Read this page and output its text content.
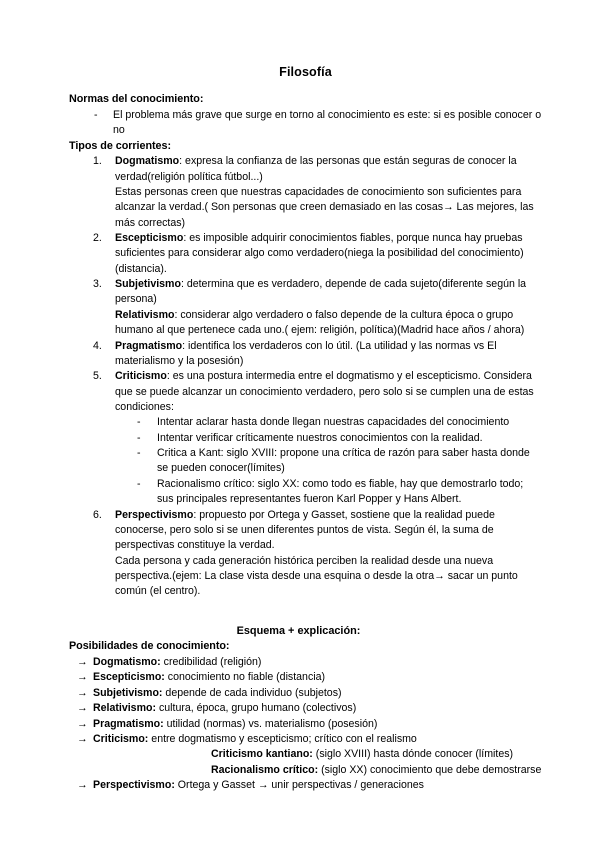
Filosofía
Normas del conocimiento:
- El problema más grave que surge en torno al conocimiento es este: si es posible conocer o no
Tipos de corrientes:

Dogmatismo: expresa la confianza de las personas que están seguras de conocer la verdad(religión política fútbol...)

Estas personas creen que nuestras capacidades de conocimiento son suficientes para alcanzar la verdad.( Son personas que creen demasiado en las cosas→ Las mejores, las más correctas)

Escepticismo: es imposible adquirir conocimientos fiables, porque nunca hay pruebas suficientes para considerar algo como verdadero(niega la posibilidad del conocimiento)(distancia).

Subjetivismo: determina que es verdadero, depende de cada sujeto(diferente según la persona)

Relativismo: considerar algo verdadero o falso depende de la cultura época o grupo humano al que pertenece cada uno.( ejem: religión, política)(Madrid hace años / ahora)

Pragmatismo: identifica los verdaderos con lo útil. (La utilidad y las normas vs El materialismo y la posesión)

Criticismo: es una postura intermedia entre el dogmatismo y el escepticismo. Considera que se puede alcanzar un conocimiento verdadero, pero solo si se cumplen una de estas condiciones:

- Intentar aclarar hasta donde llegan nuestras capacidades del conocimiento
- Intentar verificar críticamente nuestros conocimientos con la realidad.
- Critica a Kant: siglo XVIII: propone una crítica de razón para saber hasta donde se pueden conocer(límites)
- Racionalismo crítico: siglo XX: como todo es fiable, hay que demostrarlo todo; sus principales representantes fueron Karl Popper y Hans Albert.

Perspectivismo: propuesto por Ortega y Gasset, sostiene que la realidad puede conocerse, pero solo si se unen diferentes puntos de vista. Según él, la suma de perspectivas constituye la verdad.

Cada persona y cada generación histórica perciben la realidad desde una nueva perspectiva.(ejem: La clase vista desde una esquina o desde la otra→ sacar un punto común (el centro).

Esquema + explicación:
Posibilidades de conocimiento:
→ Dogmatismo: credibilidad (religión)
→ Escepticismo: conocimiento no fiable (distancia)
→ Subjetivismo: depende de cada individuo (subjetos)
→ Relativismo: cultura, época, grupo humano (colectivos)
→ Pragmatismo: utilidad (normas) vs. materialismo (posesión)
→ Criticismo: entre dogmatismo y escepticismo; crítico con el realismo
Criticismo kantiano: (siglo XVIII) hasta dónde conocer (límites)
Racionalismo crítico: (siglo XX) conocimiento que debe demostrarse
→ Perspectivismo: Ortega y Gasset → unir perspectivas / generaciones
